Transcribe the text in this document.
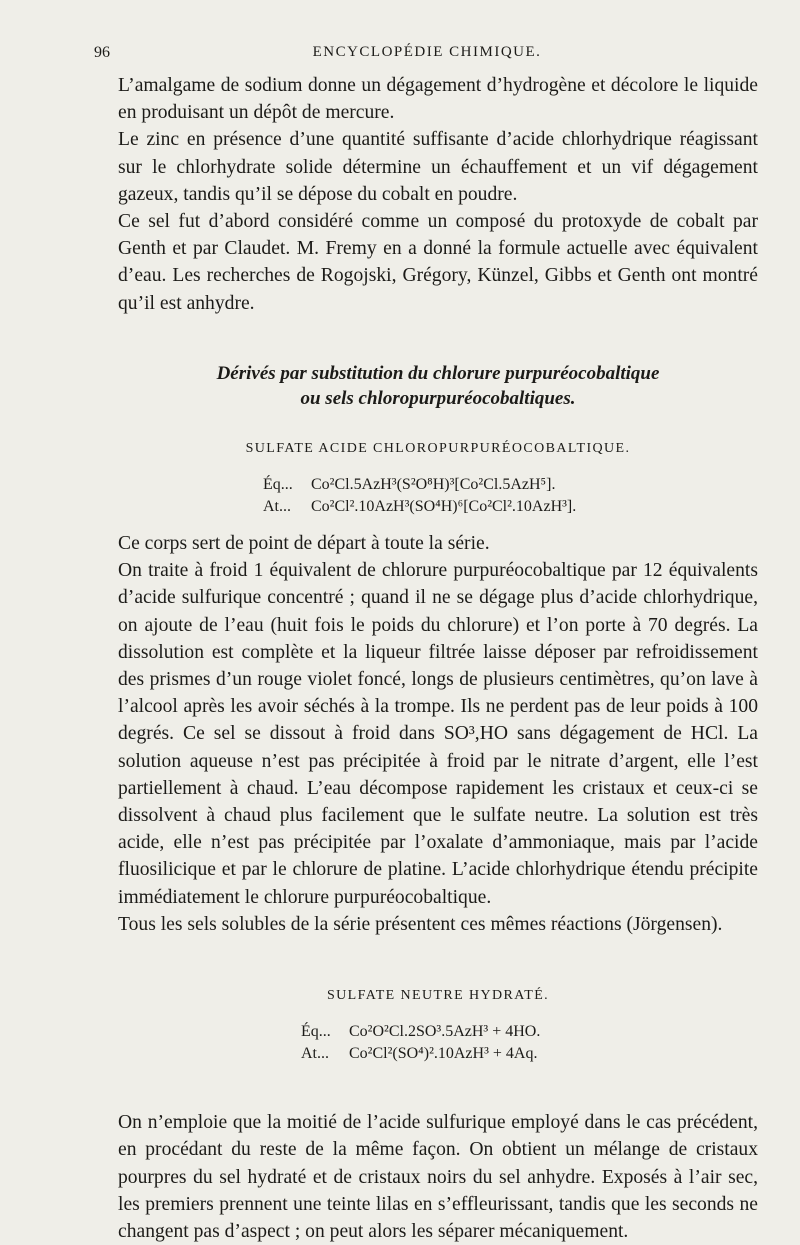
96	ENCYCLOPÉDIE CHIMIQUE.

L’amalgame de sodium donne un dégagement d’hydrogène et décolore le liquide en produisant un dépôt de mercure.

Le zinc en présence d’une quantité suffisante d’acide chlorhydrique réagissant sur le chlorhydrate solide détermine un échauffement et un vif dégagement gazeux, tandis qu’il se dépose du cobalt en poudre.

Ce sel fut d’abord considéré comme un composé du protoxyde de cobalt par Genth et par Claudet. M. Fremy en a donné la formule actuelle avec équivalent d’eau. Les recherches de Rogojski, Grégory, Künzel, Gibbs et Genth ont montré qu’il est anhydre.

Dérivés par substitution du chlorure purpuréocobaltique
ou sels chloropurpuréocobaltiques.

SULFATE ACIDE CHLOROPURPURÉOCOBALTIQUE.

Éq... Co²Cl.5AzH³(S²O⁸H)³[Co²Cl.5AzH⁵].

At... Co²Cl².10AzH³(SO⁴H)⁶[Co²Cl².10AzH³].

Ce corps sert de point de départ à toute la série.

On traite à froid 1 équivalent de chlorure purpuréocobaltique par 12 équivalents d’acide sulfurique concentré ; quand il ne se dégage plus d’acide chlorhydrique, on ajoute de l’eau (huit fois le poids du chlorure) et l’on porte à 70 degrés. La dissolution est complète et la liqueur filtrée laisse déposer par refroidissement des prismes d’un rouge violet foncé, longs de plusieurs centimètres, qu’on lave à l’alcool après les avoir séchés à la trompe. Ils ne perdent pas de leur poids à 100 degrés. Ce sel se dissout à froid dans SO³,HO sans dégagement de HCl. La solution aqueuse n’est pas précipitée à froid par le nitrate d’argent, elle l’est partiellement à chaud. L’eau décompose rapidement les cristaux et ceux-ci se dissolvent à chaud plus facilement que le sulfate neutre. La solution est très acide, elle n’est pas précipitée par l’oxalate d’ammoniaque, mais par l’acide fluosilicique et par le chlorure de platine. L’acide chlorhydrique étendu précipite immédiatement le chlorure purpuréocobaltique.

Tous les sels solubles de la série présentent ces mêmes réactions (Jörgensen).

SULFATE NEUTRE HYDRATÉ.

Éq... Co²O²Cl.2SO³.5AzH³ + 4HO.

At... Co²Cl²(SO⁴)².10AzH³ + 4Aq.

On n’emploie que la moitié de l’acide sulfurique employé dans le cas précédent, en procédant du reste de la même façon. On obtient un mélange de cristaux pourpres du sel hydraté et de cristaux noirs du sel anhydre. Exposés à l’air sec, les premiers prennent une teinte lilas en s’effleurissant, tandis que les seconds ne changent pas d’aspect ; on peut alors les séparer mécaniquement.
